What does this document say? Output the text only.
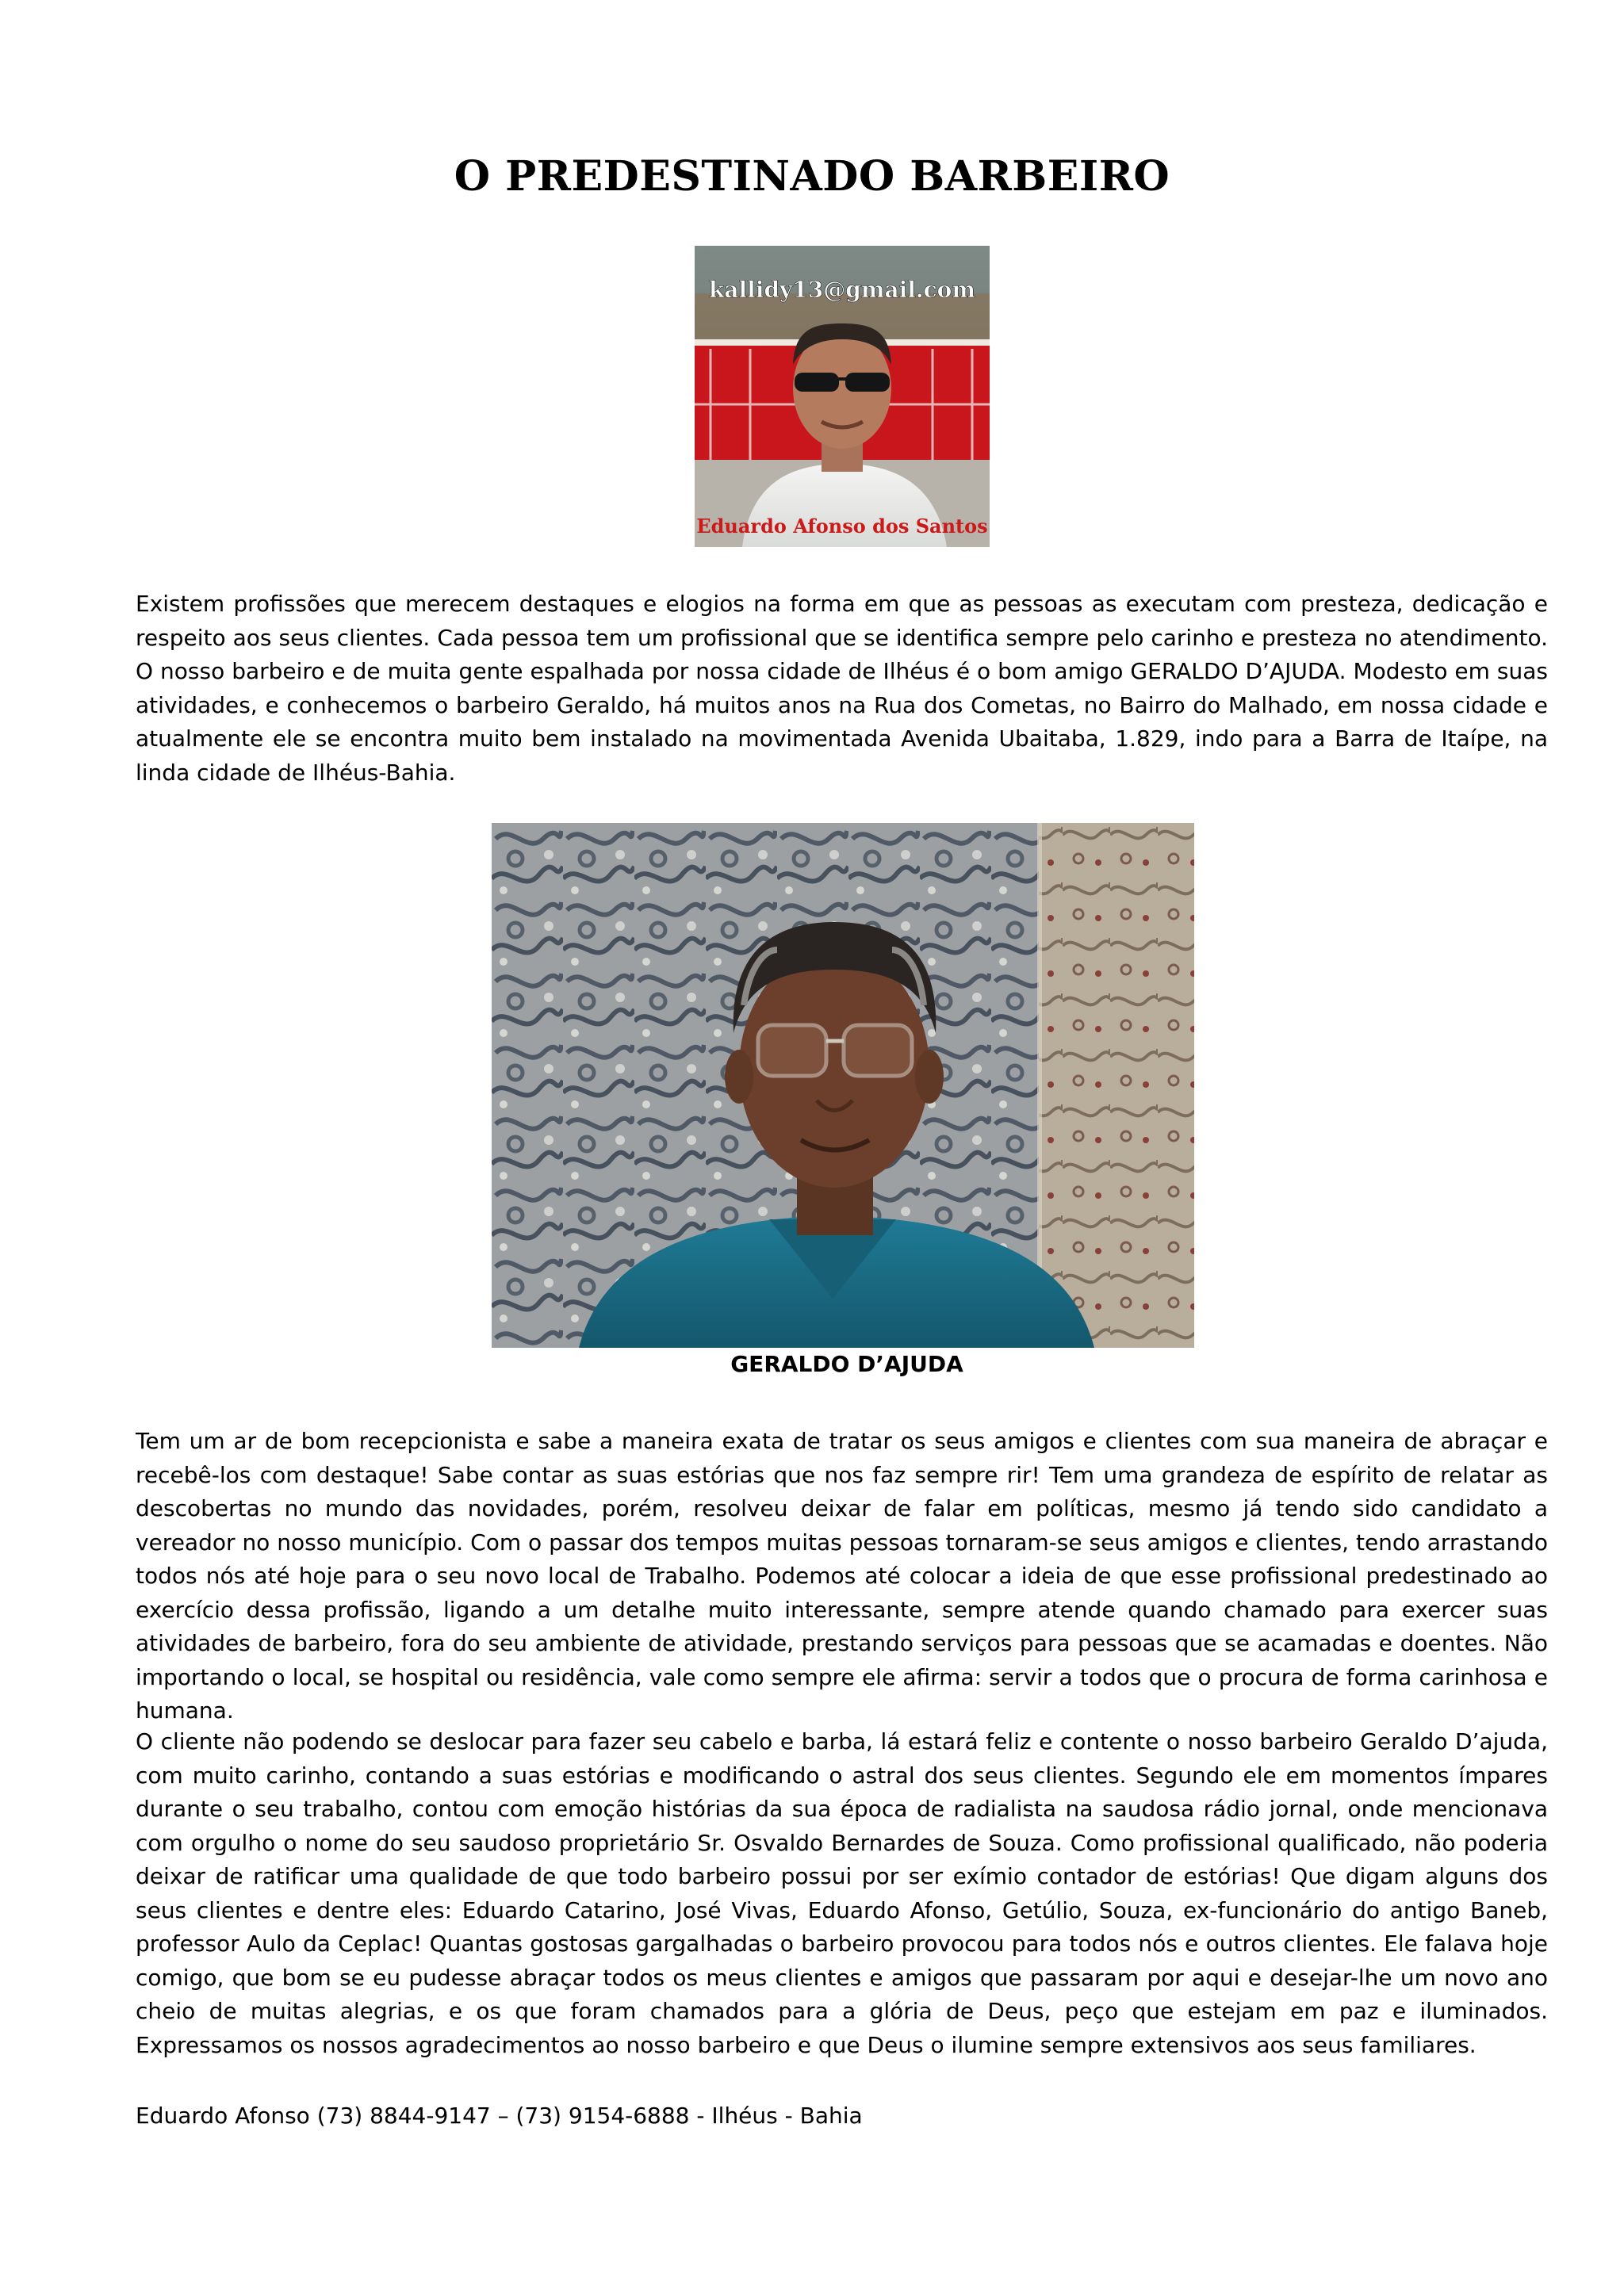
O PREDESTINADO BARBEIRO
kallidy13@gmail.com
Eduardo Afonso dos Santos

Existem profissões que merecem destaques e elogios na forma em que as pessoas as executam com presteza, dedicação e respeito aos seus clientes. Cada pessoa tem um profissional que se identifica sempre pelo carinho e presteza no atendimento. O nosso barbeiro e de muita gente espalhada por nossa cidade de Ilhéus é o bom amigo GERALDO D’AJUDA. Modesto em suas atividades, e conhecemos o barbeiro Geraldo, há muitos anos na Rua dos Cometas, no Bairro do Malhado, em nossa cidade e atualmente ele se encontra muito bem instalado na movimentada Avenida Ubaitaba, 1.829, indo para a Barra de Itaípe, na linda cidade de Ilhéus-Bahia.

GERALDO D’AJUDA

Tem um ar de bom recepcionista e sabe a maneira exata de tratar os seus amigos e clientes com sua maneira de abraçar e recebê-los com destaque! Sabe contar as suas estórias que nos faz sempre rir! Tem uma grandeza de espírito de relatar as descobertas no mundo das novidades, porém, resolveu deixar de falar em políticas, mesmo já tendo sido candidato a vereador no nosso município. Com o passar dos tempos muitas pessoas tornaram-se seus amigos e clientes, tendo arrastando todos nós até hoje para o seu novo local de Trabalho. Podemos até colocar a ideia de que esse profissional predestinado ao exercício dessa profissão, ligando a um detalhe muito interessante, sempre atende quando chamado para exercer suas atividades de barbeiro, fora do seu ambiente de atividade, prestando serviços para pessoas que se acamadas e doentes. Não importando o local, se hospital ou residência, vale como sempre ele afirma: servir a todos que o procura de forma carinhosa e humana.

O cliente não podendo se deslocar para fazer seu cabelo e barba, lá estará feliz e contente o nosso barbeiro Geraldo D’ajuda, com muito carinho, contando a suas estórias e modificando o astral dos seus clientes. Segundo ele em momentos ímpares durante o seu trabalho, contou com emoção histórias da sua época de radialista na saudosa rádio jornal, onde mencionava com orgulho o nome do seu saudoso proprietário Sr. Osvaldo Bernardes de Souza. Como profissional qualificado, não poderia deixar de ratificar uma qualidade de que todo barbeiro possui por ser exímio contador de estórias! Que digam alguns dos seus clientes e dentre eles: Eduardo Catarino, José Vivas, Eduardo Afonso, Getúlio, Souza, ex-funcionário do antigo Baneb, professor Aulo da Ceplac! Quantas gostosas gargalhadas o barbeiro provocou para todos nós e outros clientes. Ele falava hoje comigo, que bom se eu pudesse abraçar todos os meus clientes e amigos que passaram por aqui e desejar-lhe um novo ano cheio de muitas alegrias, e os que foram chamados para a glória de Deus, peço que estejam em paz e iluminados. Expressamos os nossos agradecimentos ao nosso barbeiro e que Deus o ilumine sempre extensivos aos seus familiares.

Eduardo Afonso (73) 8844-9147 – (73) 9154-6888 - Ilhéus - Bahia
